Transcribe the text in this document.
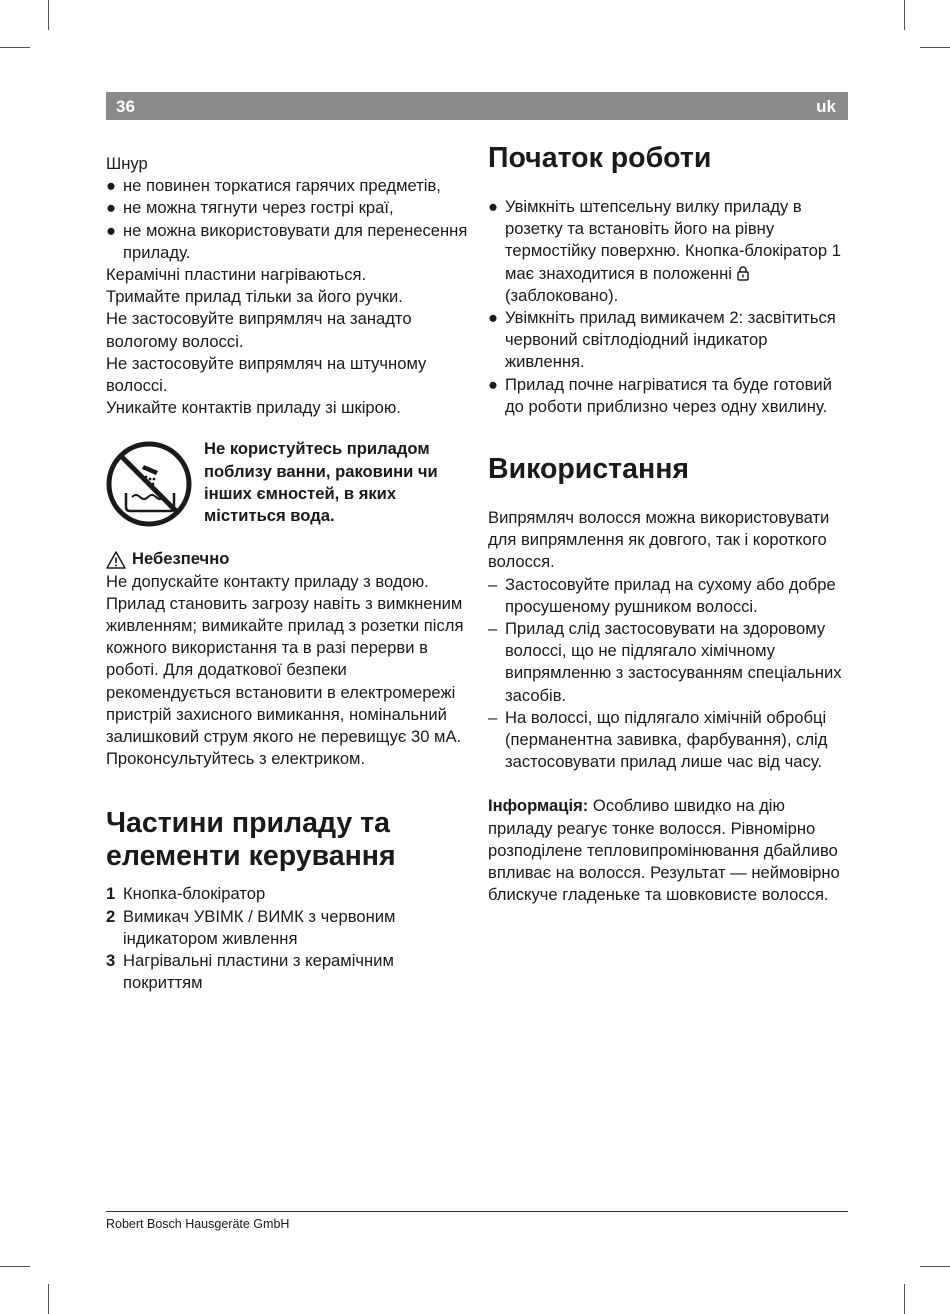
36	uk

Шнур

● не повинен торкатися гарячих предметів,

● не можна тягнути через гострі краї,

● не можна використовувати для перенесення приладу.

Керамічні пластини нагріваються.

Тримайте прилад тільки за його ручки.

Не застосовуйте випрямляч на занадто вологому волоссі.

Не застосовуйте випрямляч на штучному волоссі.

Уникайте контактів приладу зі шкірою.

Не користуйтесь приладом поблизу ванни, раковини чи інших ємностей, в яких міститься вода.
Небезпечно

Не допускайте контакту приладу з водою. Прилад становить загрозу навіть з вимкненим живленням; вимикайте прилад з розетки після кожного використання та в разі перерви в роботі. Для додаткової безпеки рекомендується встановити в електромережі пристрій захисного вимикання, номінальний залишковий струм якого не перевищує 30 мА. Проконсультуйтесь з електриком.

Частини приладу та елементи керування

1 Кнопка-блокіратор

2 Вимикач УВІМК / ВИМК з червоним індикатором живлення

3 Нагрівальні пластини з керамічним покриттям

Початок роботи

● Увімкніть штепсельну вилку приладу в розетку та встановіть його на рівну термостійку поверхню. Кнопка-блокіратор 1 має знаходитися в положенні  (заблоковано).

● Увімкніть прилад вимикачем 2: засвітиться червоний світлодіодний індикатор живлення.

● Прилад почне нагріватися та буде готовий до роботи приблизно через одну хвилину.

Використання

Випрямляч волосся можна використовувати для випрямлення як довгого, так і короткого волосся.

– Застосовуйте прилад на сухому або добре просушеному рушником волоссі.

– Прилад слід застосовувати на здоровому волоссі, що не підлягало хімічному випрямленню з застосуванням спеціальних засобів.

– На волоссі, що підлягало хімічній обробці (перманентна завивка, фарбування), слід застосовувати прилад лише час від часу.

Інформація: Особливо швидко на дію приладу реагує тонке волосся. Рівномірно розподілене тепловипромінювання дбайливо впливає на волосся. Результат — неймовірно блискуче гладеньке та шовковисте волосся.

Robert Bosch Hausgeräte GmbH
